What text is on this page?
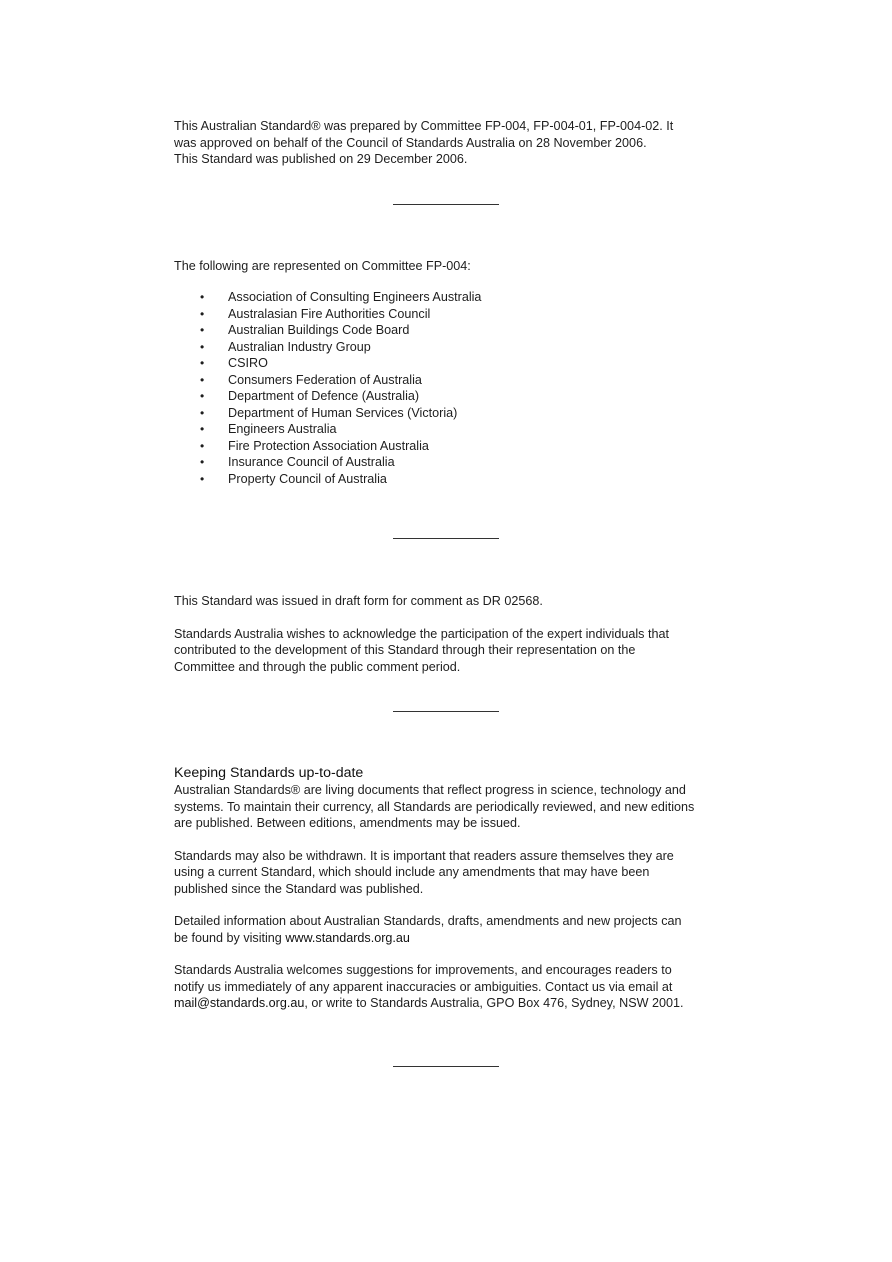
This Australian Standard® was prepared by Committee FP-004, FP-004-01, FP-004-02. It
was approved on behalf of the Council of Standards Australia on 28 November 2006.
This Standard was published on 29 December 2006.

The following are represented on Committee FP-004:

• Association of Consulting Engineers Australia
• Australasian Fire Authorities Council
• Australian Buildings Code Board
• Australian Industry Group
• CSIRO
• Consumers Federation of Australia
• Department of Defence (Australia)
• Department of Human Services (Victoria)
• Engineers Australia
• Fire Protection Association Australia
• Insurance Council of Australia
• Property Council of Australia

This Standard was issued in draft form for comment as DR 02568.

Standards Australia wishes to acknowledge the participation of the expert individuals that
contributed to the development of this Standard through their representation on the
Committee and through the public comment period.

Keeping Standards up-to-date

Australian Standards® are living documents that reflect progress in science, technology and
systems. To maintain their currency, all Standards are periodically reviewed, and new editions
are published. Between editions, amendments may be issued.

Standards may also be withdrawn. It is important that readers assure themselves they are
using a current Standard, which should include any amendments that may have been
published since the Standard was published.

Detailed information about Australian Standards, drafts, amendments and new projects can
be found by visiting www.standards.org.au

Standards Australia welcomes suggestions for improvements, and encourages readers to
notify us immediately of any apparent inaccuracies or ambiguities. Contact us via email at
mail@standards.org.au, or write to Standards Australia, GPO Box 476, Sydney, NSW 2001.
